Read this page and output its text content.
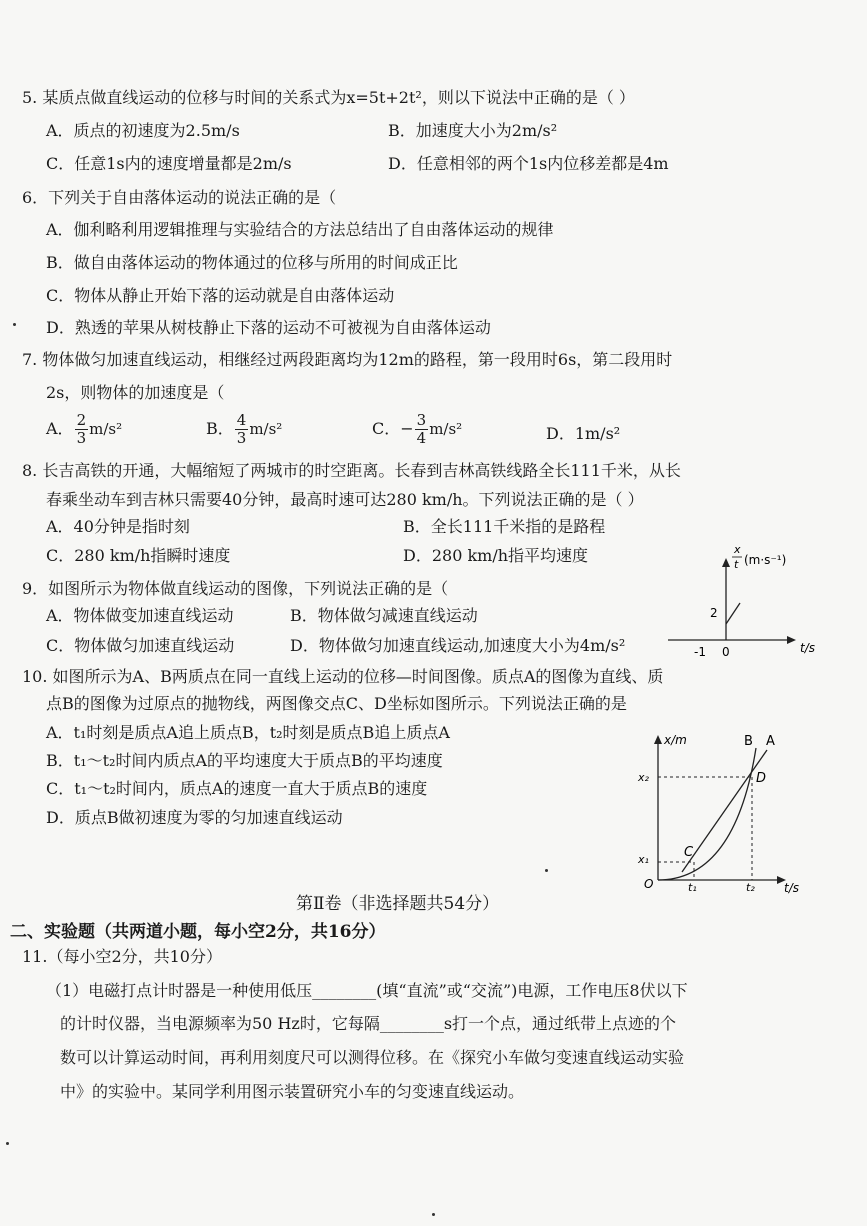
5. 某质点做直线运动的位移与时间的关系式为x=5t+2t²，则以下说法中正确的是（ ）
A．质点的初速度为2.5m/s	B．加速度大小为2m/s²
C．任意1s内的速度增量都是2m/s	D．任意相邻的两个1s内位移差都是4m
6．下列关于自由落体运动的说法正确的是（
A．伽利略利用逻辑推理与实验结合的方法总结出了自由落体运动的规律
B．做自由落体运动的物体通过的位移与所用的时间成正比
C．物体从静止开始下落的运动就是自由落体运动
D．熟透的苹果从树枝静止下落的运动不可被视为自由落体运动
7. 物体做匀加速直线运动，相继经过两段距离均为12m的路程，第一段用时6s，第二段用时
2s，则物体的加速度是（
A． $\frac{2}{3} m/s^2$	B． $\frac{4}{3} m/s^2$	C．− $\frac{3}{4} m/s^2$	D．1m/s²
8. 长吉高铁的开通，大幅缩短了两城市的时空距离。长春到吉林高铁线路全长111千米，从长
春乘坐动车到吉林只需要40分钟，最高时速可达280 km/h。下列说法正确的是（ ）
A．40分钟是指时刻	B．全长111千米指的是路程
C．280 km/h指瞬时速度	D．280 km/h指平均速度
9．如图所示为物体做直线运动的图像，下列说法正确的是（
A．物体做变加速直线运动	B．物体做匀减速直线运动
C．物体做匀加速直线运动	D．物体做匀加速直线运动,加速度大小为4m/s²
x
t (m·s⁻¹)
2
-1 0	t/s
10. 如图所示为A、B两质点在同一直线上运动的位移—时间图像。质点A的图像为直线、质
点B的图像为过原点的抛物线，两图像交点C、D坐标如图所示。下列说法正确的是
A．t₁时刻是质点A追上质点B，t₂时刻是质点B追上质点A
B．t₁～t₂时间内质点A的平均速度大于质点B的平均速度
C．t₁～t₂时间内，质点A的速度一直大于质点B的速度
D．质点B做初速度为零的匀加速直线运动
x/m	B A
D
C
x₂
x₁
O	t₁	t₂ t/s
第Ⅱ卷（非选择题共54分）
二、实验题（共两道小题，每小空2分，共16分）
11.（每小空2分，共10分）
（1）电磁打点计时器是一种使用低压________(填“直流”或“交流”)电源，工作电压8伏以下
的计时仪器，当电源频率为50 Hz时，它每隔________s打一个点，通过纸带上点迹的个
数可以计算运动时间，再利用刻度尺可以测得位移。在《探究小车做匀变速直线运动实验
中》的实验中。某同学利用图示装置研究小车的匀变速直线运动。
